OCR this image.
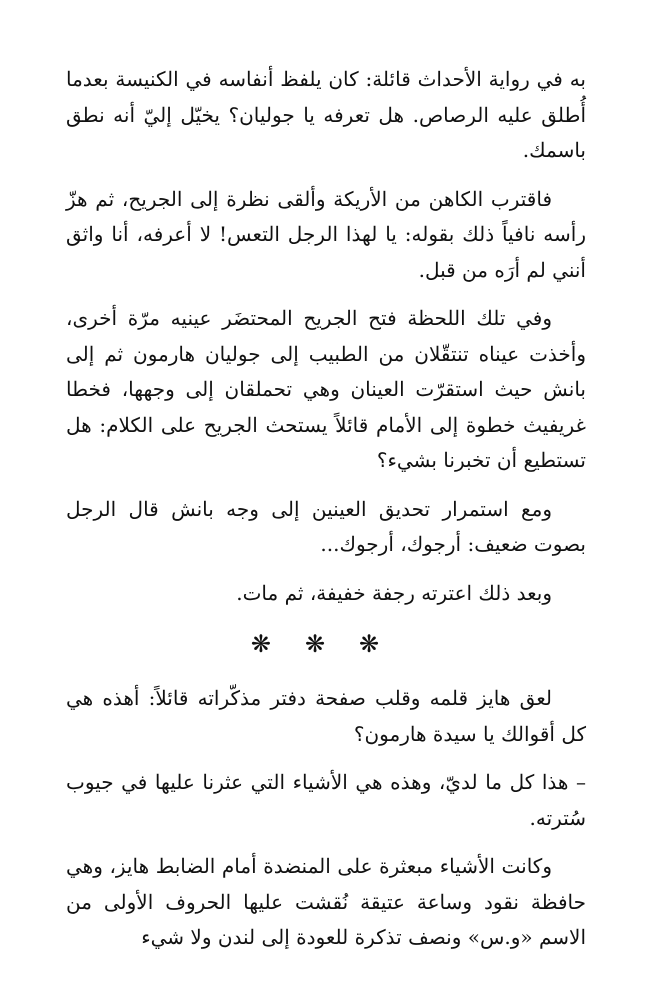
به في رواية الأحداث قائلة: كان يلفظ أنفاسه في الكنيسة بعدما أُطلق عليه الرصاص. هل تعرفه يا جوليان؟ يخيّل إليّ أنه نطق باسمك.

فاقترب الكاهن من الأريكة وألقى نظرة إلى الجريح، ثم هزّ رأسه نافياً ذلك بقوله: يا لهذا الرجل التعس! لا أعرفه، أنا واثق أنني لم أرَه من قبل.

وفي تلك اللحظة فتح الجريح المحتضَر عينيه مرّة أخرى، وأخذت عيناه تنتقّلان من الطبيب إلى جوليان هارمون ثم إلى بانش حيث استقرّت العينان وهي تحملقان إلى وجهها، فخطا غريفيث خطوة إلى الأمام قائلاً يستحث الجريح على الكلام: هل تستطيع أن تخبرنا بشيء؟

ومع استمرار تحديق العينين إلى وجه بانش قال الرجل بصوت ضعيف: أرجوك، أرجوك...

وبعد ذلك اعترته رجفة خفيفة، ثم مات.

❋ ❋ ❋

لعق هايز قلمه وقلب صفحة دفتر مذكّراته قائلاً: أهذه هي كل أقوالك يا سيدة هارمون؟

– هذا كل ما لديّ، وهذه هي الأشياء التي عثرنا عليها في جيوب سُترته.

وكانت الأشياء مبعثرة على المنضدة أمام الضابط هايز، وهي حافظة نقود وساعة عتيقة نُقشت عليها الحروف الأولى من الاسم «و.س» ونصف تذكرة للعودة إلى لندن ولا شيء
